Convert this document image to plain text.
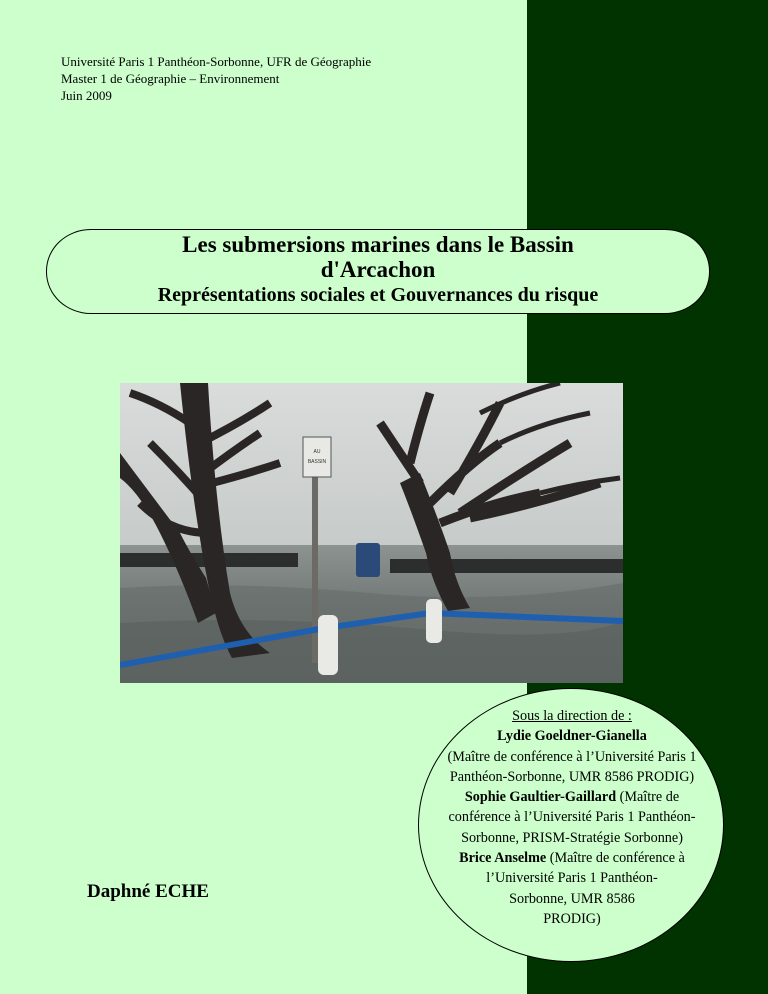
Université Paris 1 Panthéon-Sorbonne, UFR de Géographie
Master 1 de Géographie – Environnement
Juin 2009
Les submersions marines dans le Bassin
d'Arcachon
Représentations sociales et Gouvernances du risque
AU
BASSIN
Daphné ECHE
Sous la direction de :
Lydie Goeldner-Gianella
(Maître de conférence à l’Université Paris 1
Panthéon-Sorbonne, UMR 8586 PRODIG)
Sophie Gaultier-Gaillard (Maître de
conférence à l’Université Paris 1 Panthéon-
Sorbonne, PRISM-Stratégie Sorbonne)
Brice Anselme (Maître de conférence à
l’Université Paris 1 Panthéon-
Sorbonne, UMR 8586
PRODIG)
